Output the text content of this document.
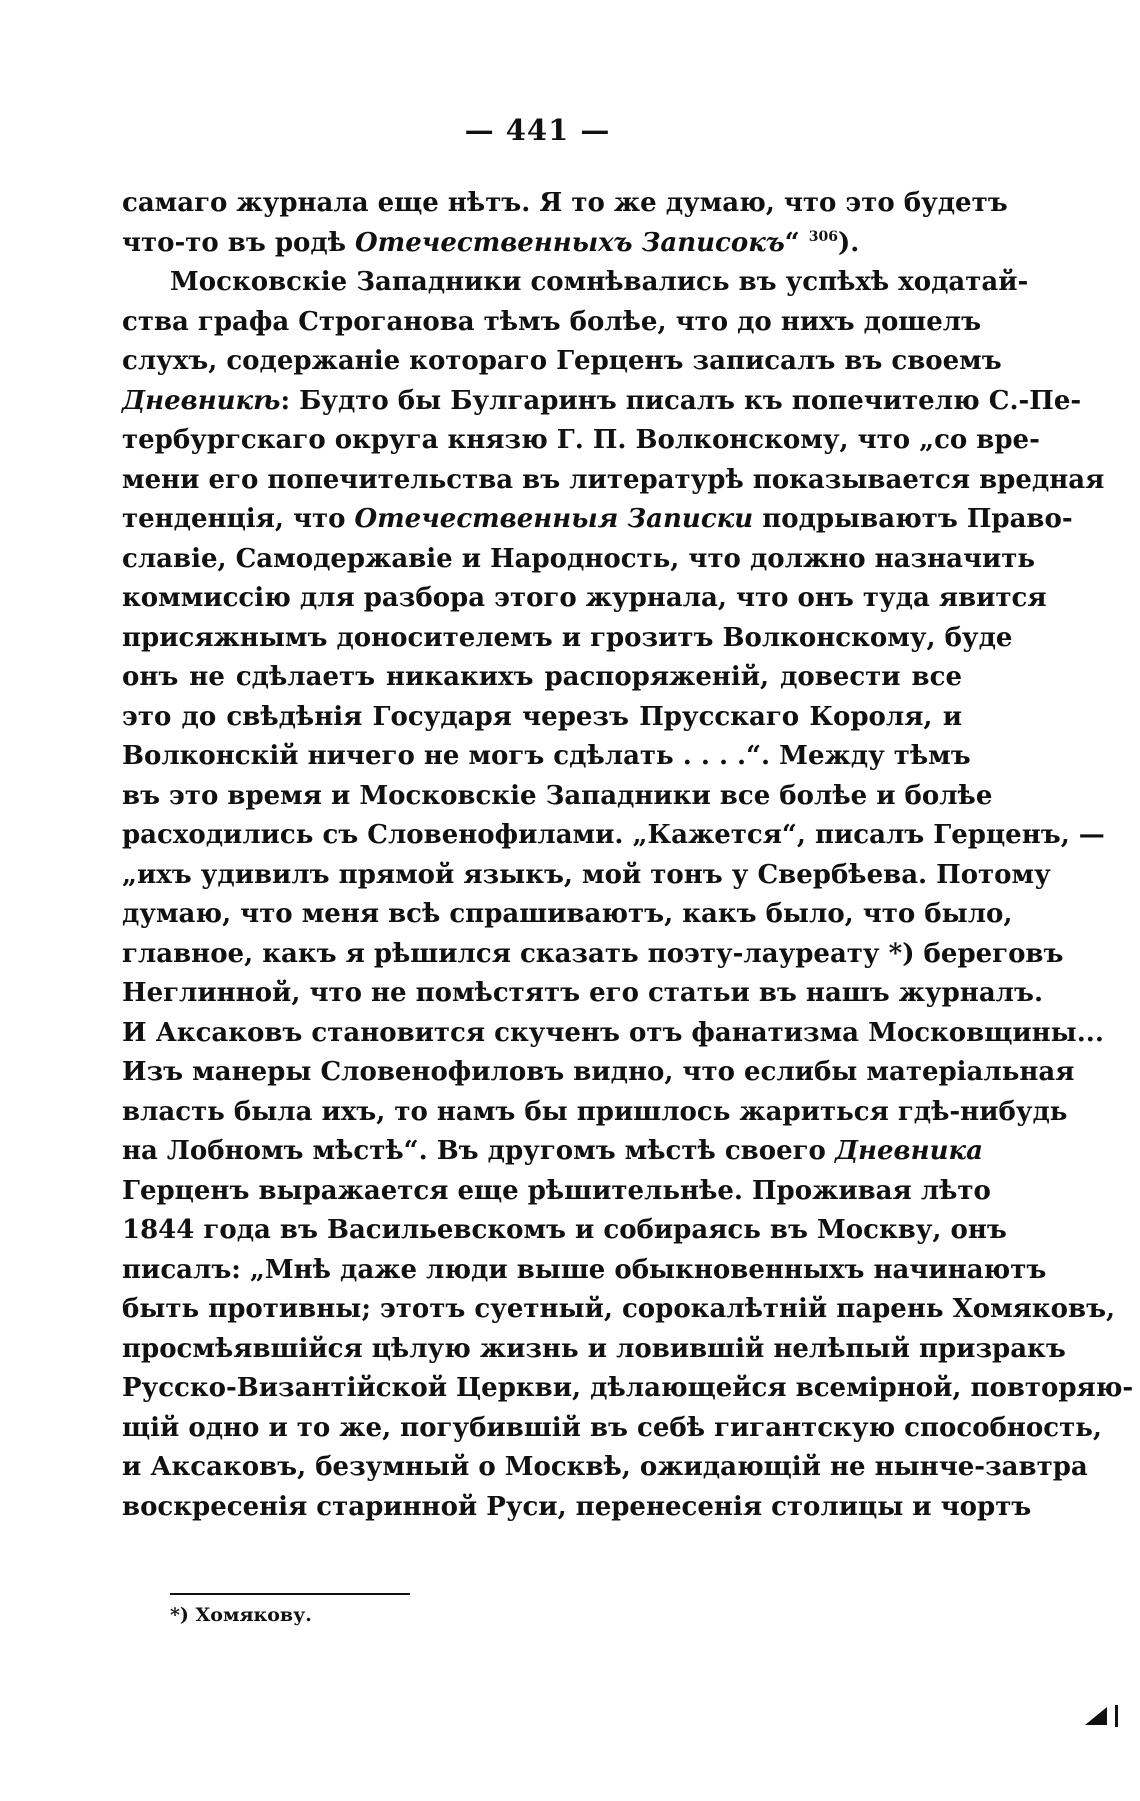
— 441 —
самаго журнала еще нѣтъ. Я то же думаю, что это будетъ
что-то въ родѣ Отечественныхъ Записокъ“ $^{306}$).
Московскіе Западники сомнѣвались въ успѣхѣ ходатай-
ства графа Строганова тѣмъ болѣе, что до нихъ дошелъ
слухъ, содержаніе котораго Герценъ записалъ въ своемъ
Дневникѣ: Будто бы Булгаринъ писалъ къ попечителю С.-Пе-
тербургскаго округа князю Г. П. Волконскому, что „со вре-
мени его попечительства въ литературѣ показывается вредная
тенденція, что Отечественныя Записки подрываютъ Право-
славіе, Самодержавіе и Народность, что должно назначить
коммиссію для разбора этого журнала, что онъ туда явится
присяжнымъ доносителемъ и грозитъ Волконскому, буде
онъ не сдѣлаетъ никакихъ распоряженій, довести все
это до свѣдѣнія Государя черезъ Прусскаго Короля, и
Волконскій ничего не могъ сдѣлать . . . .“. Между тѣмъ
въ это время и Московскіе Западники все болѣе и болѣе
расходились съ Словенофилами. „Кажется“, писалъ Герценъ, —
„ихъ удивилъ прямой языкъ, мой тонъ у Свербѣева. Потому
думаю, что меня всѣ спрашиваютъ, какъ было, что было,
главное, какъ я рѣшился сказать поэту-лауреату *) береговъ
Неглинной, что не помѣстятъ его статьи въ нашъ журналъ.
И Аксаковъ становится скученъ отъ фанатизма Московщины...
Изъ манеры Словенофиловъ видно, что еслибы матеріальная
власть была ихъ, то намъ бы пришлось жариться гдѣ-нибудь
на Лобномъ мѣстѣ“. Въ другомъ мѣстѣ своего Дневника
Герценъ выражается еще рѣшительнѣе. Проживая лѣто
1844 года въ Васильевскомъ и собираясь въ Москву, онъ
писалъ: „Мнѣ даже люди выше обыкновенныхъ начинаютъ
быть противны; этотъ суетный, сорокалѣтній парень Хомяковъ,
просмѣявшійся цѣлую жизнь и ловившій нелѣпый призракъ
Русско-Византійской Церкви, дѣлающейся всемірной, повторяю-
щій одно и то же, погубившій въ себѣ гигантскую способность,
и Аксаковъ, безумный о Москвѣ, ожидающій не нынче-завтра
воскресенія старинной Руси, перенесенія столицы и чортъ
*) Хомякову.
